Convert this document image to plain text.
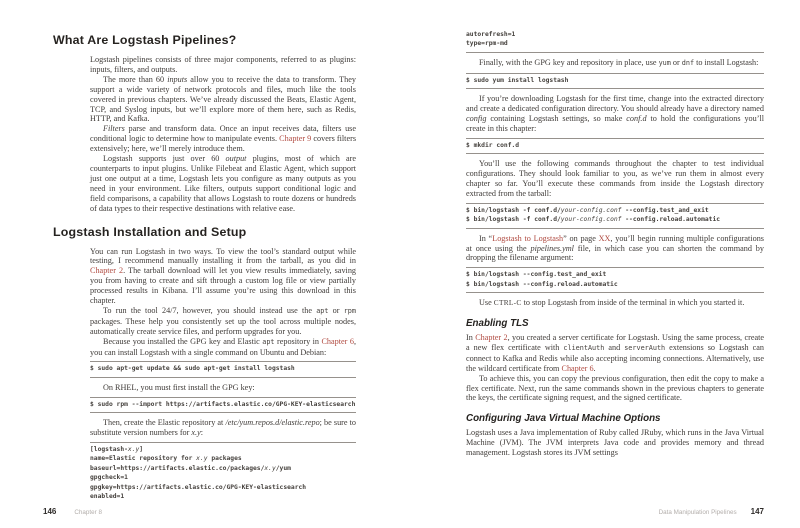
What Are Logstash Pipelines?

Logstash pipelines consists of three major components, referred to as plugins: inputs, filters, and outputs.

The more than 60 inputs allow you to receive the data to transform. They support a wide variety of network protocols and files, much like the tools covered in previous chapters. We’ve already discussed the Beats, Elastic Agent, TCP, and Syslog inputs, but we’ll explore more of them here, such as Redis, HTTP, and Kafka.

Filters parse and transform data. Once an input receives data, filters use conditional logic to determine how to manipulate events. Chapter 9 covers filters extensively; here, we’ll merely introduce them.

Logstash supports just over 60 output plugins, most of which are counterparts to input plugins. Unlike Filebeat and Elastic Agent, which support just one output at a time, Logstash lets you configure as many outputs as you need in your environment. Like filters, outputs support conditional logic and field comparisons, a capability that allows Logstash to route dozens or hundreds of data types to their respective destinations with relative ease.

Logstash Installation and Setup

You can run Logstash in two ways. To view the tool’s standard output while testing, I recommend manually installing it from the tarball, as you did in Chapter 2. The tarball download will let you view results immediately, saving you from having to create and sift through a custom log file or view partially processed results in Kibana. I’ll assume you’re using this download in this chapter.

To run the tool 24/7, however, you should instead use the apt or rpm packages. These help you consistently set up the tool across multiple nodes, automatically create service files, and perform upgrades for you.

Because you installed the GPG key and Elastic apt repository in Chapter 6, you can install Logstash with a single command on Ubuntu and Debian:

$ sudo apt-get update && sudo apt-get install logstash

On RHEL, you must first install the GPG key:

$ sudo rpm --import https://artifacts.elastic.co/GPG-KEY-elasticsearch

Then, create the Elastic repository at /etc/yum.repos.d/elastic.repo; be sure to substitute version numbers for x.y:

[logstash-x.y]
name=Elastic repository for x.y packages
baseurl=https://artifacts.elastic.co/packages/x.y/yum
gpgcheck=1
gpgkey=https://artifacts.elastic.co/GPG-KEY-elasticsearch
enabled=1
146	Chapter 8
autorefresh=1
type=rpm-md

Finally, with the GPG key and repository in place, use yum or dnf to install Logstash:

$ sudo yum install logstash

If you’re downloading Logstash for the first time, change into the extracted directory and create a dedicated configuration directory. You should already have a directory named config containing Logstash settings, so make conf.d to hold the configurations you’ll create in this chapter:

$ mkdir conf.d

You’ll use the following commands throughout the chapter to test individual configurations. They should look familiar to you, as we’ve run them in almost every chapter so far. You’ll execute these commands from inside the Logstash directory extracted from the tarball:

$ bin/logstash -f conf.d/your-config.conf --config.test_and_exit
$ bin/logstash -f conf.d/your-config.conf --config.reload.automatic

In “Logstash to Logstash” on page XX, you’ll begin running multiple configurations at once using the pipelines.yml file, in which case you can shorten the command by dropping the filename argument:

$ bin/logstash --config.test_and_exit
$ bin/logstash --config.reload.automatic

Use CTRL-C to stop Logstash from inside of the terminal in which you started it.

Enabling TLS

In Chapter 2, you created a server certificate for Logstash. Using the same process, create a new flex certificate with clientAuth and serverAuth extensions so Logstash can connect to Kafka and Redis while also accepting incoming connections. Alternatively, use the wildcard certificate from Chapter 6.

To achieve this, you can copy the previous configuration, then edit the copy to make a flex certificate. Next, run the same commands shown in the previous chapters to generate the keys, the certificate signing request, and the signed certificate.

Configuring Java Virtual Machine Options

Logstash uses a Java implementation of Ruby called JRuby, which runs in the Java Virtual Machine (JVM). The JVM interprets Java code and provides memory and thread management. Logstash stores its JVM settings

Data Manipulation Pipelines 147
